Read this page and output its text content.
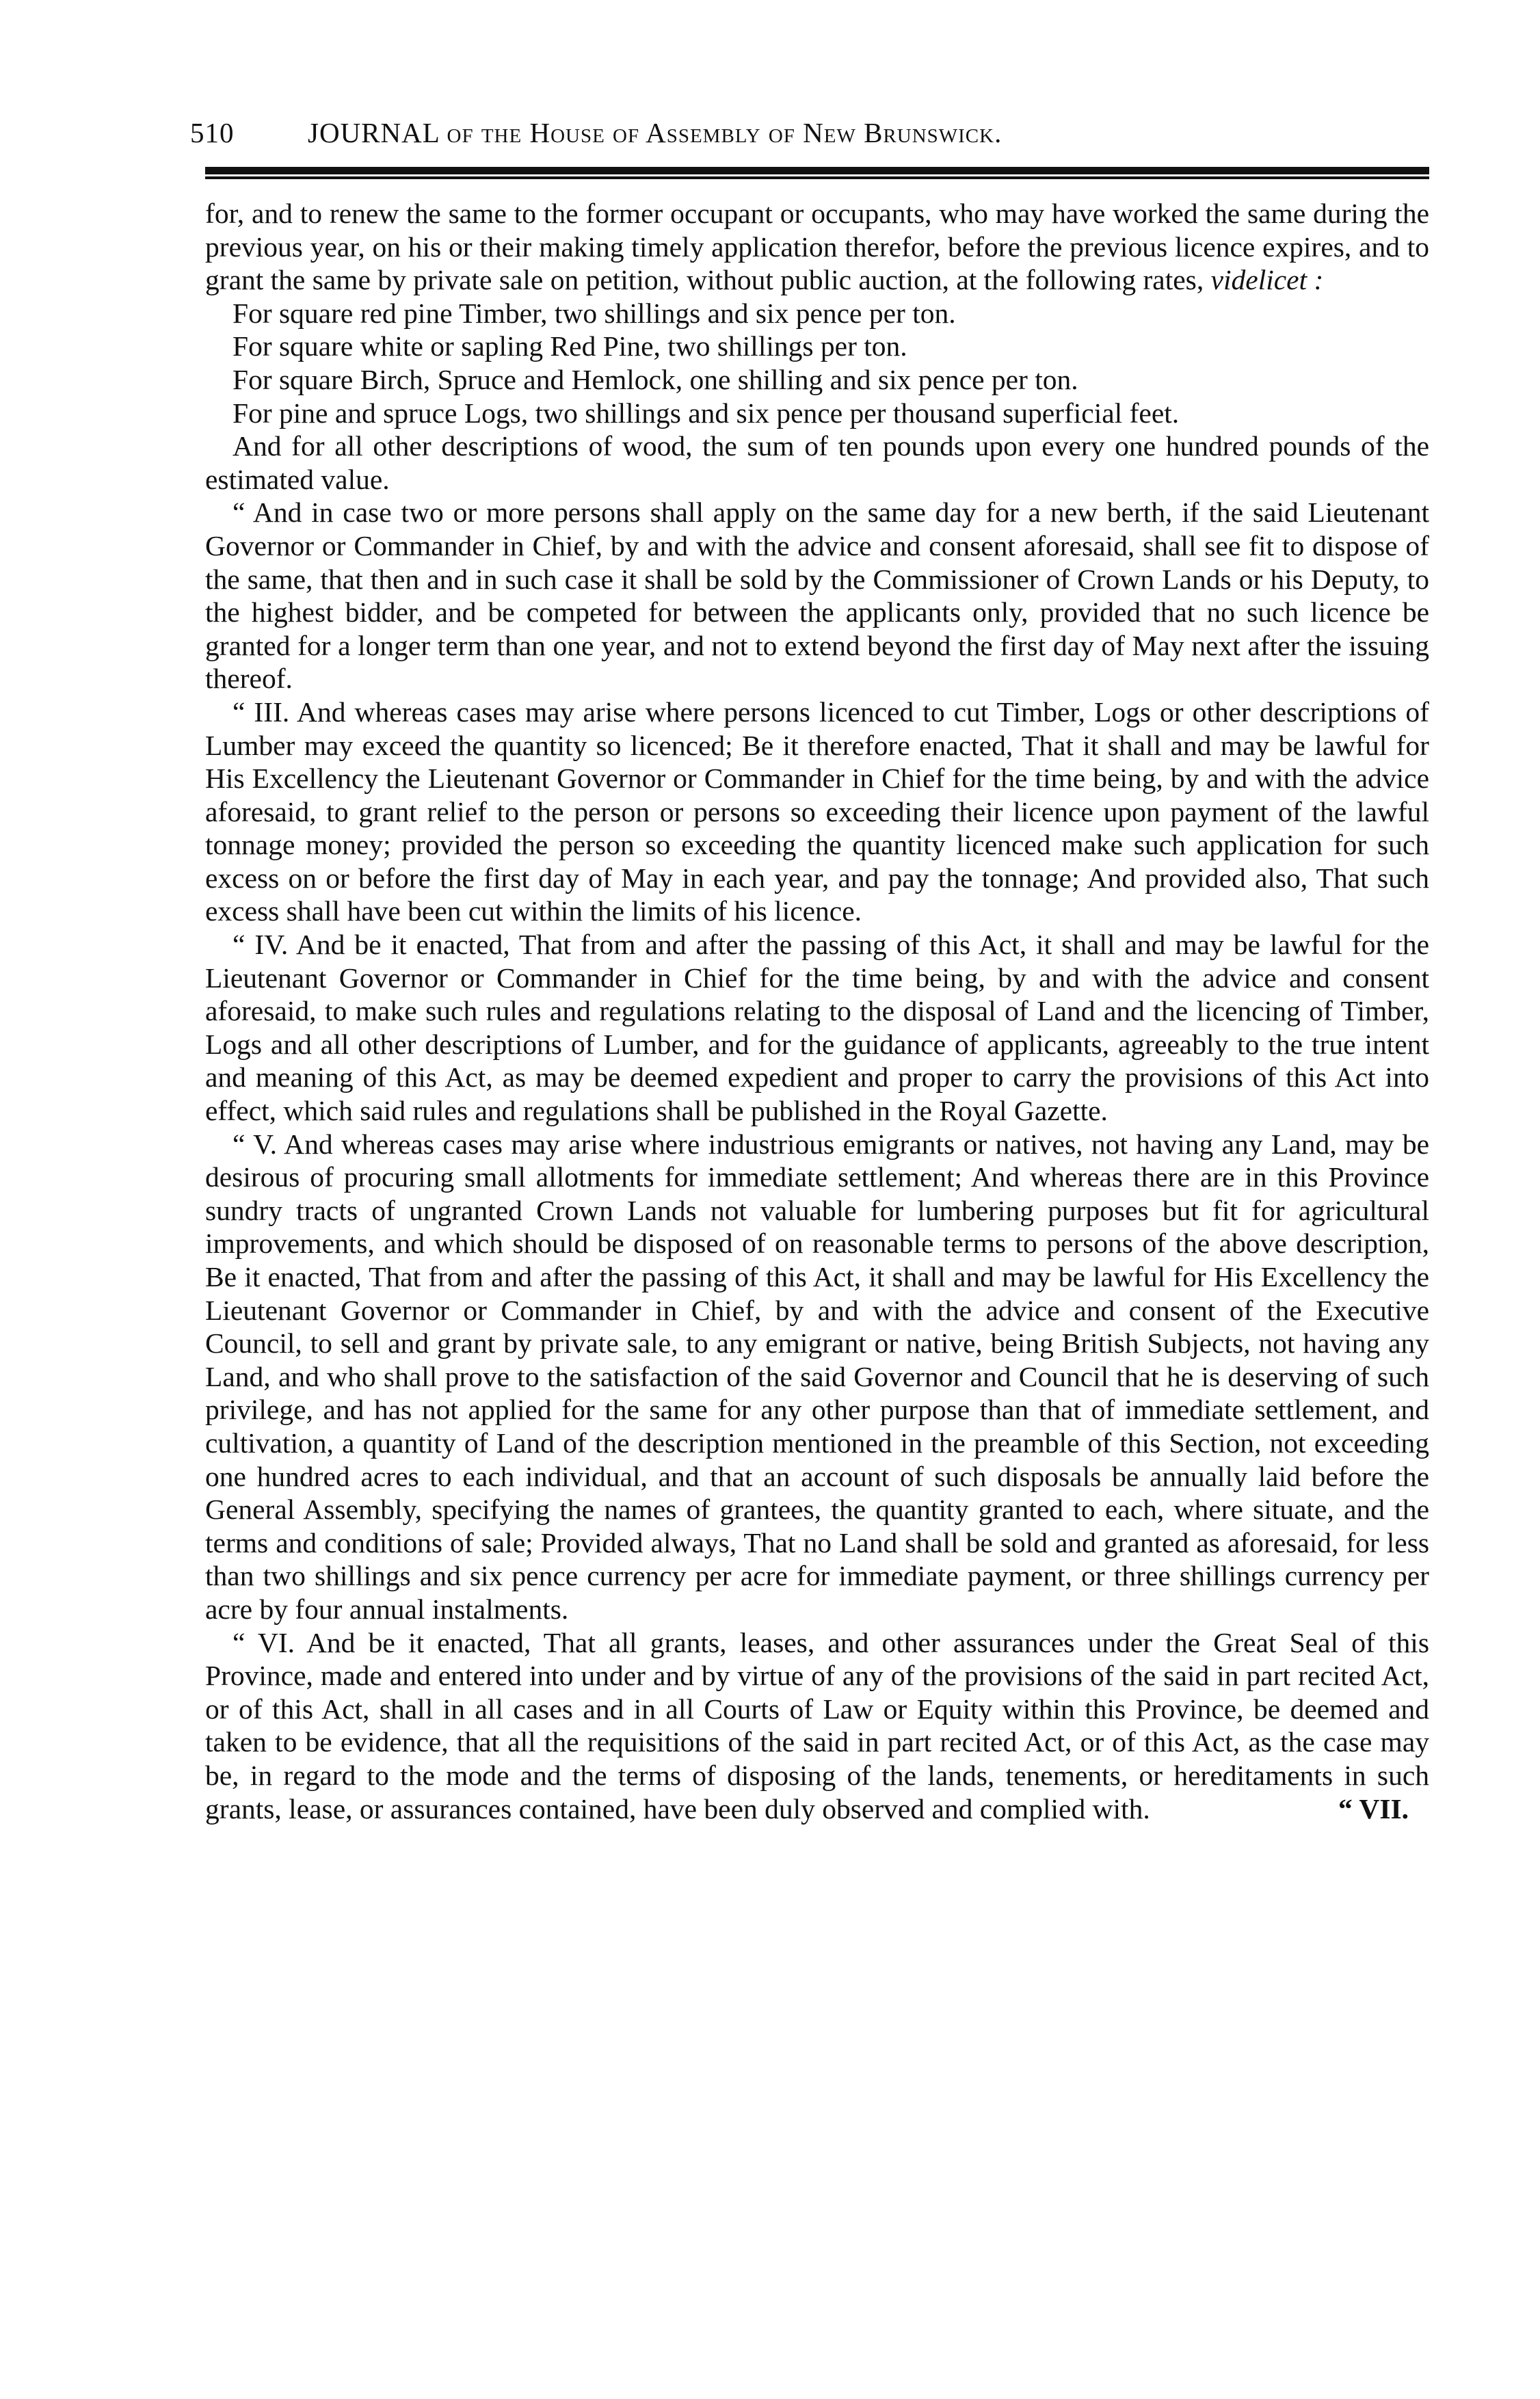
510	JOURNAL of the House of Assembly of New Brunswick.

for, and to renew the same to the former occupant or occupants, who may have worked the same during the previous year, on his or their making timely application therefor, before the previous licence expires, and to grant the same by private sale on petition, without public auction, at the following rates, videlicet :

For square red pine Timber, two shillings and six pence per ton.

For square white or sapling Red Pine, two shillings per ton.

For square Birch, Spruce and Hemlock, one shilling and six pence per ton.

For pine and spruce Logs, two shillings and six pence per thousand superficial feet.

And for all other descriptions of wood, the sum of ten pounds upon every one hundred pounds of the estimated value.

“ And in case two or more persons shall apply on the same day for a new berth, if the said Lieutenant Governor or Commander in Chief, by and with the advice and consent aforesaid, shall see fit to dispose of the same, that then and in such case it shall be sold by the Commissioner of Crown Lands or his Deputy, to the highest bidder, and be competed for between the applicants only, provided that no such licence be granted for a longer term than one year, and not to extend beyond the first day of May next after the issuing thereof.

“ III. And whereas cases may arise where persons licenced to cut Timber, Logs or other descriptions of Lumber may exceed the quantity so licenced; Be it therefore enacted, That it shall and may be lawful for His Excellency the Lieutenant Governor or Commander in Chief for the time being, by and with the advice aforesaid, to grant relief to the person or persons so exceeding their licence upon payment of the lawful tonnage money; provided the person so exceeding the quantity licenced make such application for such excess on or before the first day of May in each year, and pay the tonnage; And provided also, That such excess shall have been cut within the limits of his licence.

“ IV. And be it enacted, That from and after the passing of this Act, it shall and may be lawful for the Lieutenant Governor or Commander in Chief for the time being, by and with the advice and consent aforesaid, to make such rules and regulations relating to the disposal of Land and the licencing of Timber, Logs and all other descriptions of Lumber, and for the guidance of applicants, agreeably to the true intent and meaning of this Act, as may be deemed expedient and proper to carry the provisions of this Act into effect, which said rules and regulations shall be published in the Royal Gazette.

“ V. And whereas cases may arise where industrious emigrants or natives, not having any Land, may be desirous of procuring small allotments for immediate settlement; And whereas there are in this Province sundry tracts of ungranted Crown Lands not valuable for lumbering purposes but fit for agricultural improvements, and which should be disposed of on reasonable terms to persons of the above description, Be it enacted, That from and after the passing of this Act, it shall and may be lawful for His Excellency the Lieutenant Governor or Commander in Chief, by and with the advice and consent of the Executive Council, to sell and grant by private sale, to any emigrant or native, being British Subjects, not having any Land, and who shall prove to the satisfaction of the said Governor and Council that he is deserving of such privilege, and has not applied for the same for any other purpose than that of immediate settlement, and cultivation, a quantity of Land of the description mentioned in the preamble of this Section, not exceeding one hundred acres to each individual, and that an account of such disposals be annually laid before the General Assembly, specifying the names of grantees, the quantity granted to each, where situate, and the terms and conditions of sale; Provided always, That no Land shall be sold and granted as aforesaid, for less than two shillings and six pence currency per acre for immediate payment, or three shillings currency per acre by four annual instalments.

“ VI. And be it enacted, That all grants, leases, and other assurances under the Great Seal of this Province, made and entered into under and by virtue of any of the provisions of the said in part recited Act, or of this Act, shall in all cases and in all Courts of Law or Equity within this Province, be deemed and taken to be evidence, that all the requisitions of the said in part recited Act, or of this Act, as the case may be, in regard to the mode and the terms of disposing of the lands, tenements, or hereditaments in such grants, lease, or assurances contained, have been duly observed and complied with.	“ VII.
